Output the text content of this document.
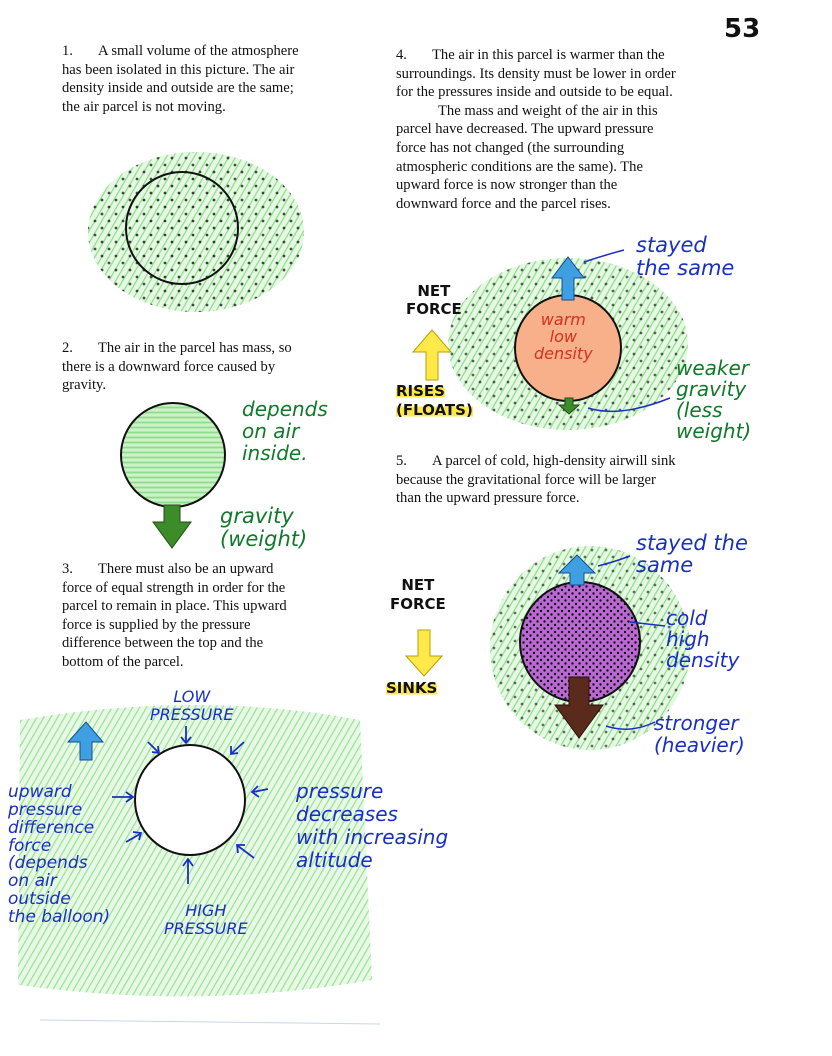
53

1. A small volume of the atmosphere has been isolated in this picture. The air density inside and outside are the same; the air parcel is not moving.

2. The air in the parcel has mass, so there is a downward force caused by gravity.

3. There must also be an upward force of equal strength in order for the parcel to remain in place. This upward force is supplied by the pressure difference between the top and the bottom of the parcel.

4. The air in this parcel is warmer than the surroundings. Its density must be lower in order for the pressures inside and outside to be equal.
The mass and weight of the air in this parcel have decreased. The upward pressure force has not changed (the surrounding atmospheric conditions are the same). The upward force is now stronger than the downward force and the parcel rises.

5. A parcel of cold, high-density airwill sink because the gravitational force will be larger than the upward pressure force.

depends
on air
inside.
gravity
(weight)
LOW
PRESSURE
HIGH
PRESSURE
upward
pressure
difference
force
(depends
on air
outside
the balloon)
pressure
decreases
with increasing
altitude
stayed
the same
NET
FORCE
RISES
(FLOATS)
warm
low
density
weaker
gravity
(less
weight)
stayed the
same
NET
FORCE
SINKS
cold
high
density
stronger
(heavier)
